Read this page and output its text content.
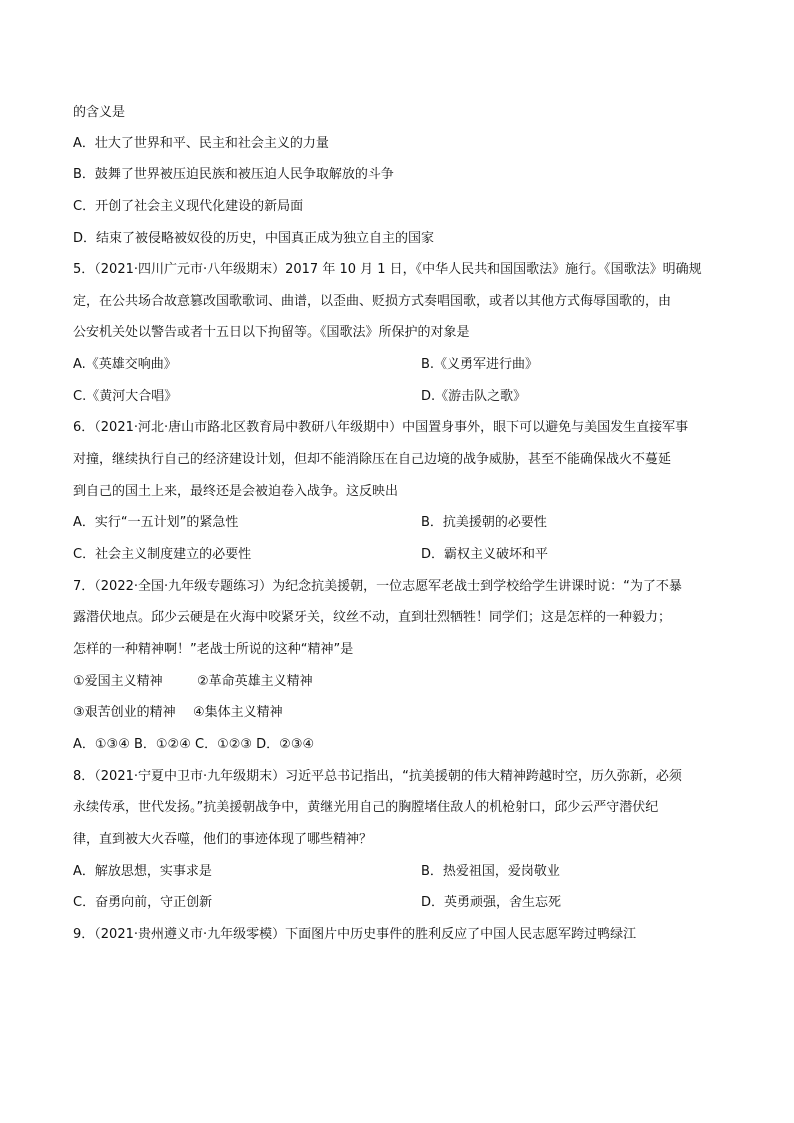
的含义是
A．壮大了世界和平、民主和社会主义的力量
B．鼓舞了世界被压迫民族和被压迫人民争取解放的斗争
C．开创了社会主义现代化建设的新局面
D．结束了被侵略被奴役的历史，中国真正成为独立自主的国家
5．（2021·四川广元市·八年级期末）2017 年 10 月 1 日，《中华人民共和国国歌法》施行。《国歌法》明确规
定，在公共场合故意篡改国歌歌词、曲谱，以歪曲、贬损方式奏唱国歌，或者以其他方式侮辱国歌的，由
公安机关处以警告或者十五日以下拘留等。《国歌法》所保护的对象是
A.《英雄交响曲》	B.《义勇军进行曲》
C.《黄河大合唱》	D.《游击队之歌》
6．（2021·河北·唐山市路北区教育局中教研八年级期中）中国置身事外，眼下可以避免与美国发生直接军事
对撞，继续执行自己的经济建设计划，但却不能消除压在自己边境的战争威胁，甚至不能确保战火不蔓延
到自己的国土上来，最终还是会被迫卷入战争。这反映出
A．实行“一五计划”的紧急性	B．抗美援朝的必要性
C．社会主义制度建立的必要性	D．霸权主义破坏和平
7．（2022·全国·九年级专题练习）为纪念抗美援朝，一位志愿军老战士到学校给学生讲课时说：“为了不暴
露潜伏地点。邱少云硬是在火海中咬紧牙关，纹丝不动，直到壮烈牺牲！同学们；这是怎样的一种毅力；
怎样的一种精神啊！”老战士所说的这种“精神”是
①爱国主义精神	②革命英雄主义精神
③艰苦创业的精神 ④集体主义精神
A．①③④ B．①②④ C．①②③ D．②③④
8．（2021·宁夏中卫市·九年级期末）习近平总书记指出，“抗美援朝的伟大精神跨越时空，历久弥新，必须
永续传承，世代发扬。”抗美援朝战争中，黄继光用自己的胸膛堵住敌人的机枪射口，邱少云严守潜伏纪
律，直到被大火吞噬，他们的事迹体现了哪些精神？
A．解放思想，实事求是	B．热爱祖国，爱岗敬业
C．奋勇向前，守正创新	D．英勇顽强，舍生忘死
9．（2021·贵州遵义市·九年级零模）下面图片中历史事件的胜利反应了中国人民志愿军跨过鸭绿江
